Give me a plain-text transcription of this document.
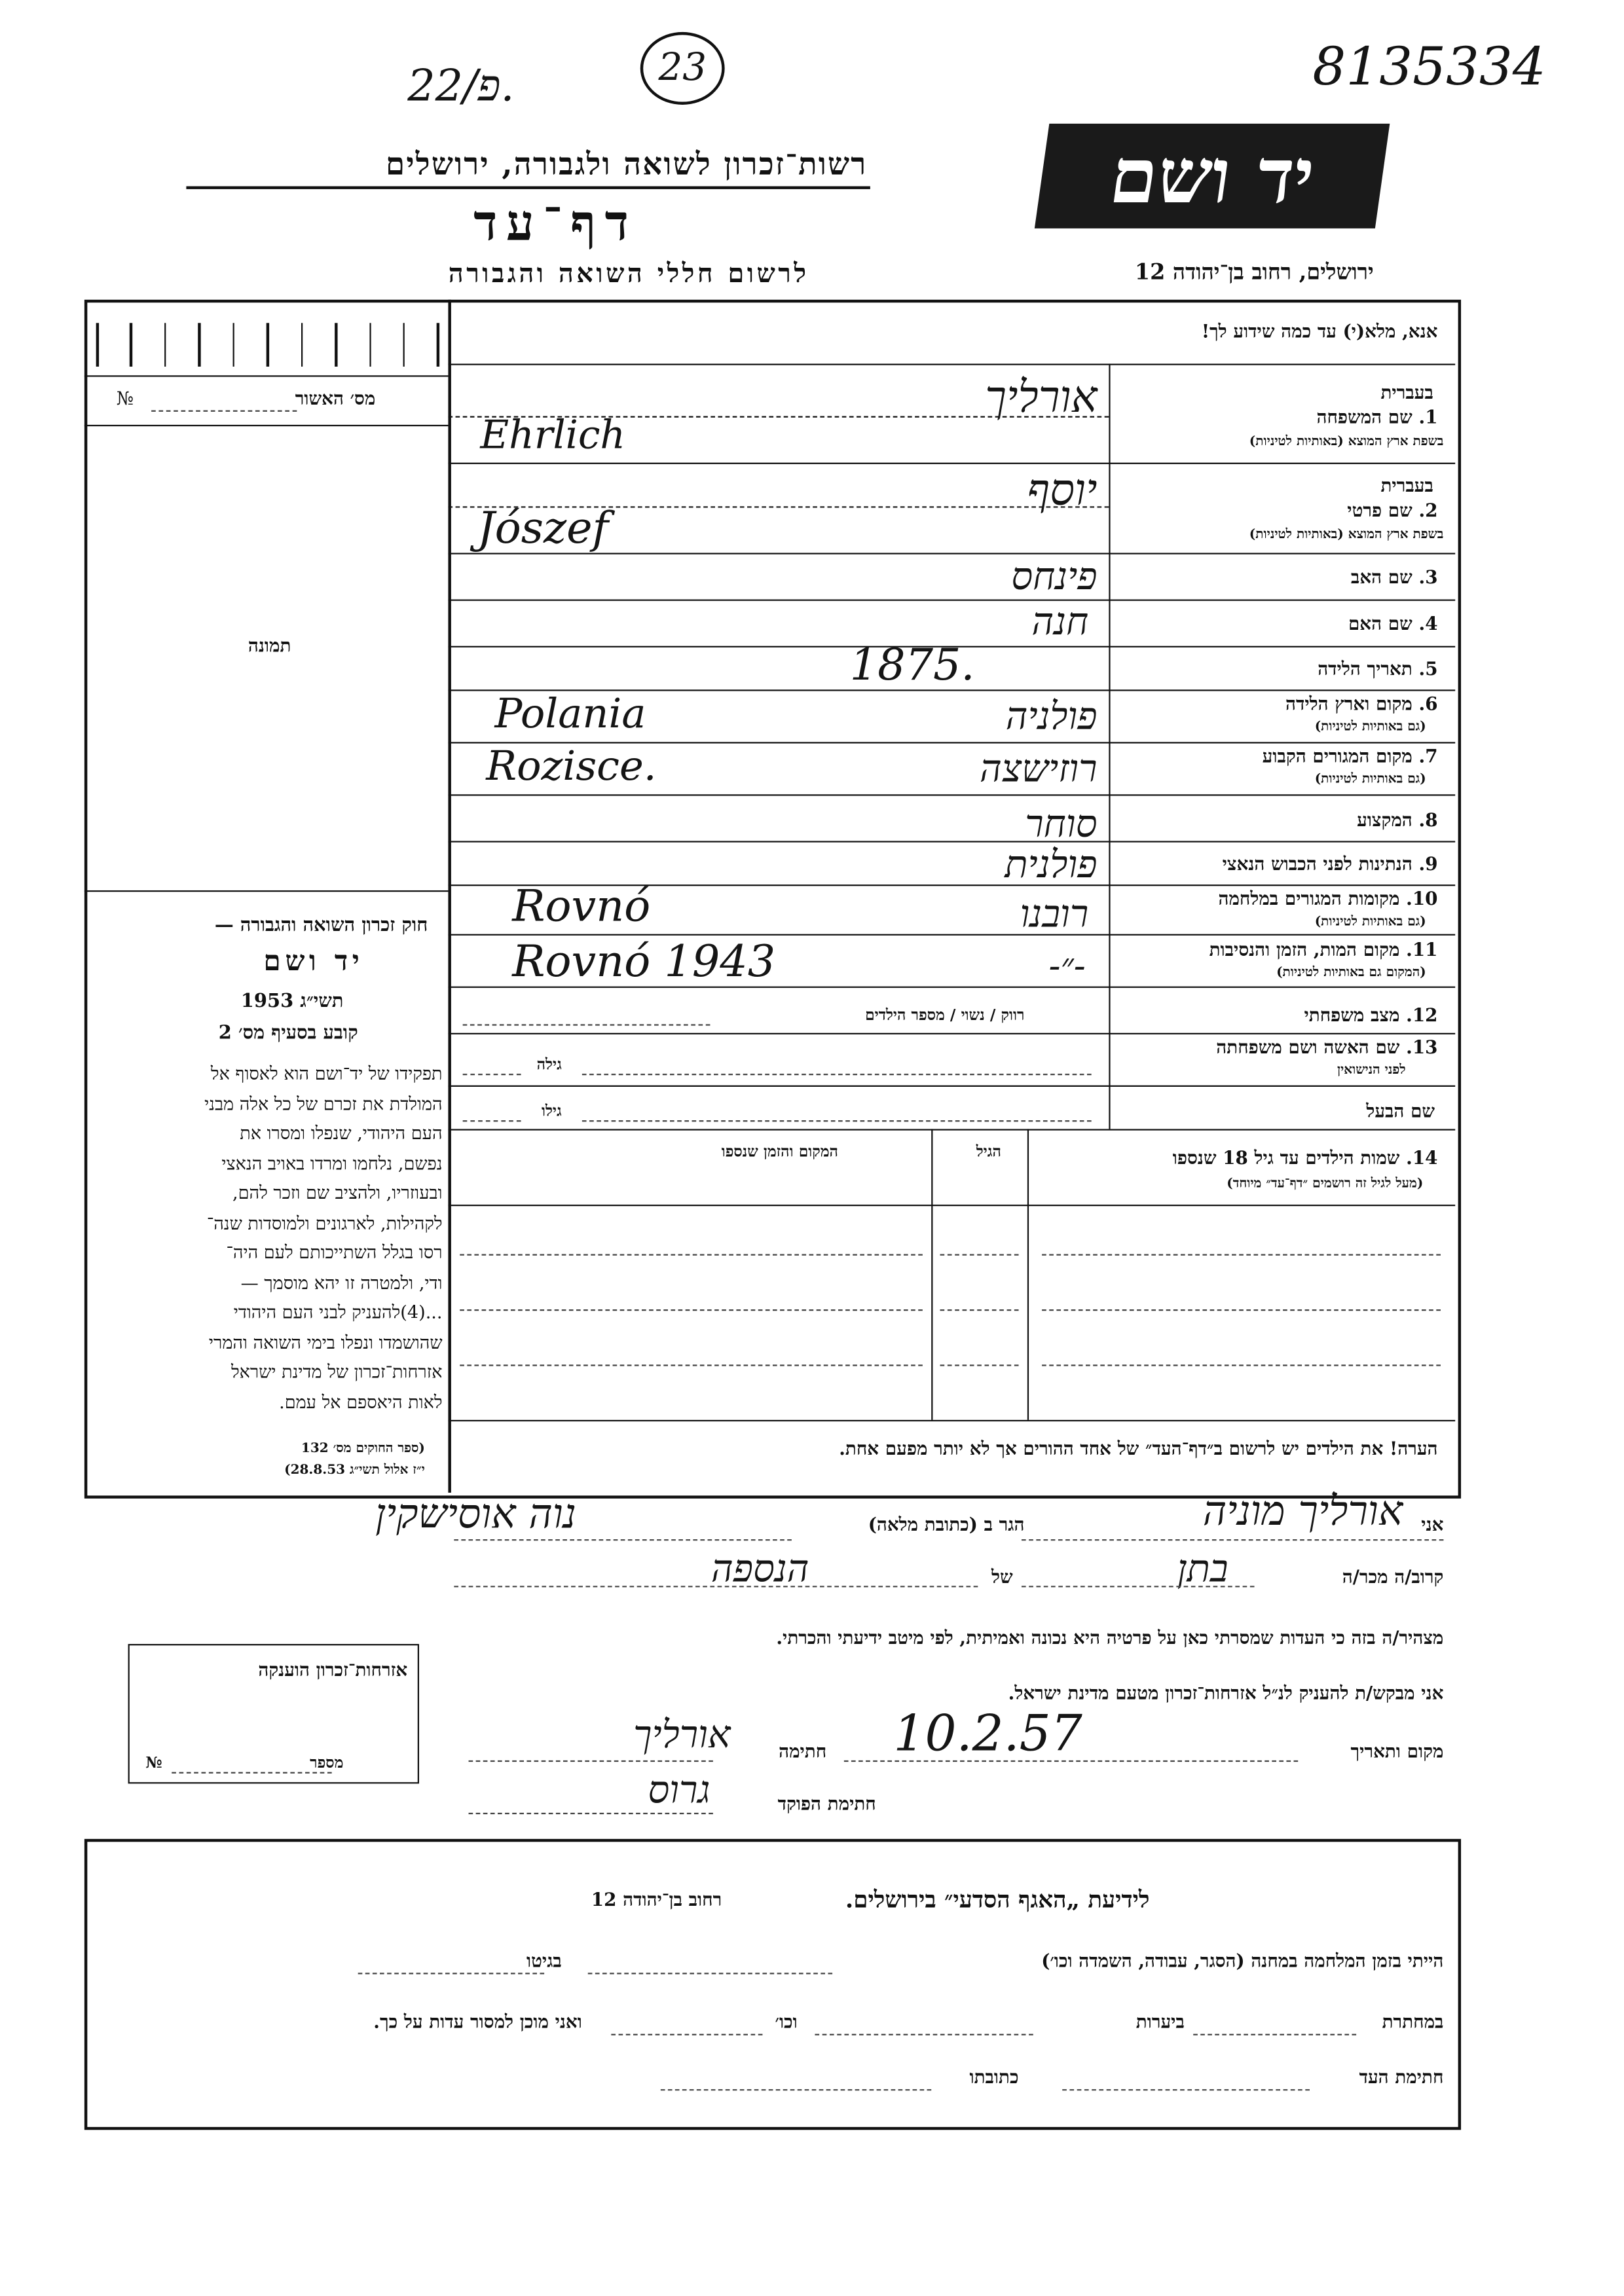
22/פ.	23	8135334
רשות־זכרון לשואה ולגבורה, ירושלים
דף־עד
לרשום חללי השואה והגבורה
יד ושם
ירושלים, רחוב בן־יהודה 12
מס׳ האשור
№
תמונה
חוק זכרון השואה והגבורה —
יד ושם
תשי״ג 1953
קובע בסעיף מס׳ 2
תפקידו של יד־ושם הוא לאסוף אל
המולדת את זכרם של כל אלה מבני
העם היהודי, שנפלו ומסרו את
נפשם, נלחמו ומרדו באויב הנאצי
ובעוזריו, ולהציב שם וזכר להם,
לקהילות, לארגונים ולמוסדות שנה־
רסו בגלל השתייכותם לעם היה־
ודי, ולמטרה זו יהא מוסמך —
...(4)להעניק לבני העם היהודי
שהושמדו ונפלו בימי השואה והמרי
אזרחות־זכרון של מדינת ישראל
לאות היאספם אל עמם.
(ספר החוקים מס׳ 132
י״ז אלול תשי״ג 28.8.53)
אנא, מלא(י) עד כמה שידוע לך!
בעברית
1. שם המשפחה
בשפת ארץ המוצא (באותיות לטיניות)
אורליך
Ehrlich
בעברית
2. שם פרטי
בשפת ארץ המוצא (באותיות לטיניות)
יוסף
Jószef
3. שם האב
פינחס
4. שם האם
חנה
5. תאריך הלידה
1875.
6. מקום וארץ הלידה
(גם באותיות לטיניות)
פולניה
Polania
7. מקום המגורים הקבוע
(גם באותיות לטיניות)
רוזישצה
Rozisce.
8. המקצוע
סוחר
9. הנתינות לפני הכבוש הנאצי
פולנית
10. מקומות המגורים במלחמה
(גם באותיות לטיניות)
רובנו
Rovnó
11. מקום המות, הזמן והנסיבות
(המקום גם באותיות לטיניות)
-״-
Rovnó 1943
12. מצב משפחתי
רווק / נשוי / מספר הילדים
13. שם האשה ושם משפחתה
לפני הנישואין
גילה
שם הבעל
גילו
14. שמות הילדים עד גיל 18 שנספו
(מעל לגיל זה רושמים ״דף־עד״ מיוחד)
הגיל
המקום והזמן שנספו
הערה! את הילדים יש לרשום ב״דף־העד״ של אחד ההורים אך לא יותר מפעם אחת.
אני
אורליך מוניה
הגר ב (כתובת מלאה)
נוה אוסישקין
קרוב/ה מכר/ה
בתן
של
הנספה
מצהיר/ה בזה כי העדות שמסרתי כאן על פרטיה היא נכונה ואמיתית, לפי מיטב ידיעתי והכרתי.
אני מבקש/ת להעניק לנ״ל אזרחות־זכרון מטעם מדינת ישראל.
מקום ותאריך
10.2.57
חתימה
אורליך
חתימת הפוקד
גרוס
אזרחות־זכרון הוענקה
מספר
№
לידיעת „האגף הסדעי״ בירושלים.
רחוב בן־יהודה 12
הייתי בזמן המלחמה במחנה (הסגר, עבודה, השמדה וכו׳)
בגיטו
במחתרת
ביערות
וכו׳
ואני מוכן למסור עדות על כך.
חתימת העד
כתובתו
